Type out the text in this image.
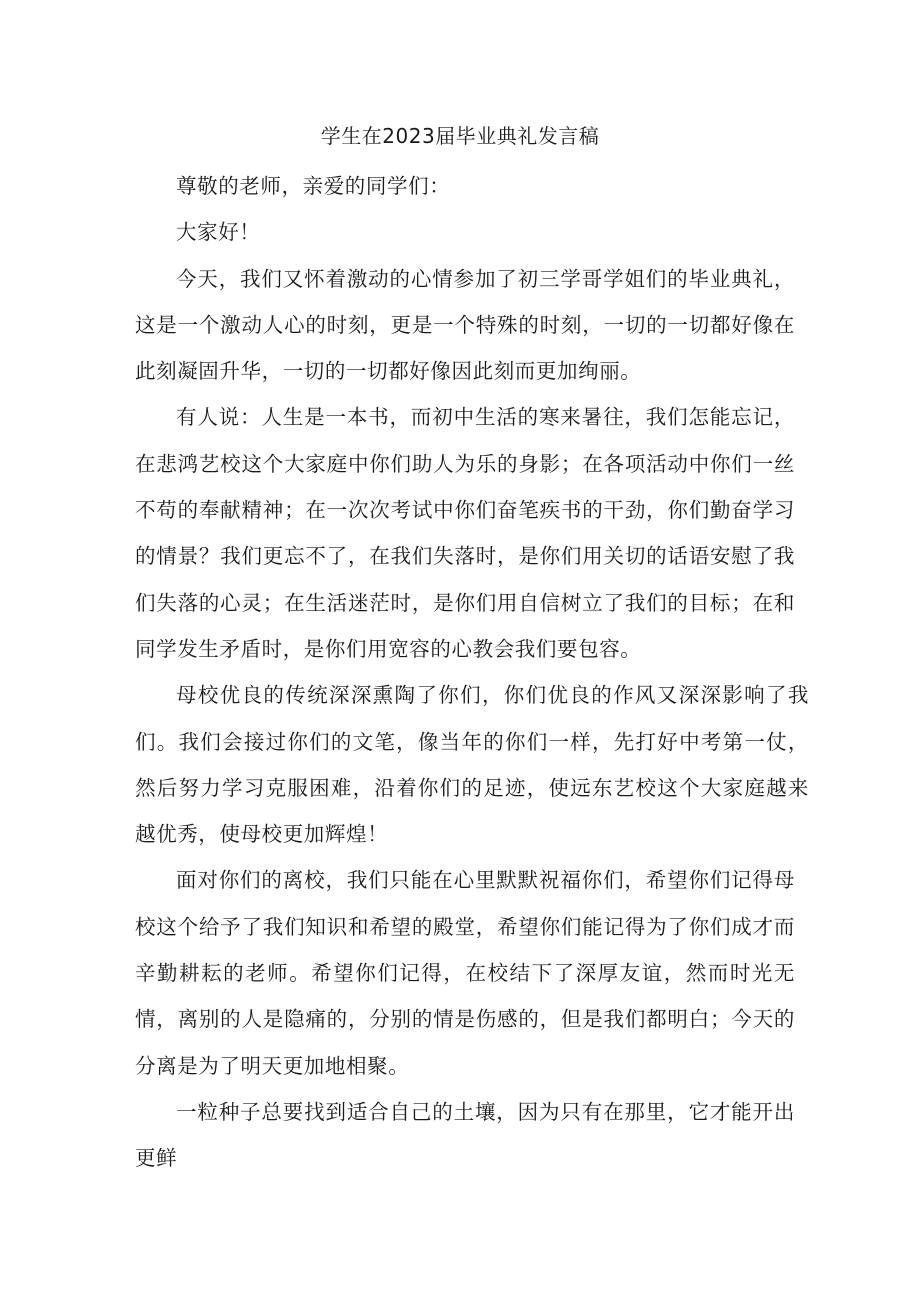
学生在2023届毕业典礼发言稿

尊敬的老师，亲爱的同学们：

大家好！

今天，我们又怀着激动的心情参加了初三学哥学姐们的毕业典礼，这是一个激动人心的时刻，更是一个特殊的时刻，一切的一切都好像在此刻凝固升华，一切的一切都好像因此刻而更加绚丽。

有人说：人生是一本书，而初中生活的寒来暑往，我们怎能忘记，在悲鸿艺校这个大家庭中你们助人为乐的身影；在各项活动中你们一丝不苟的奉献精神；在一次次考试中你们奋笔疾书的干劲，你们勤奋学习的情景？我们更忘不了，在我们失落时，是你们用关切的话语安慰了我们失落的心灵；在生活迷茫时，是你们用自信树立了我们的目标；在和同学发生矛盾时，是你们用宽容的心教会我们要包容。

母校优良的传统深深熏陶了你们，你们优良的作风又深深影响了我们。我们会接过你们的文笔，像当年的你们一样，先打好中考第一仗，然后努力学习克服困难，沿着你们的足迹，使远东艺校这个大家庭越来越优秀，使母校更加辉煌！

面对你们的离校，我们只能在心里默默祝福你们，希望你们记得母校这个给予了我们知识和希望的殿堂，希望你们能记得为了你们成才而辛勤耕耘的老师。希望你们记得，在校结下了深厚友谊，然而时光无情，离别的人是隐痛的，分别的情是伤感的，但是我们都明白；今天的分离是为了明天更加地相聚。

一粒种子总要找到适合自己的土壤，因为只有在那里，它才能开出更鲜
